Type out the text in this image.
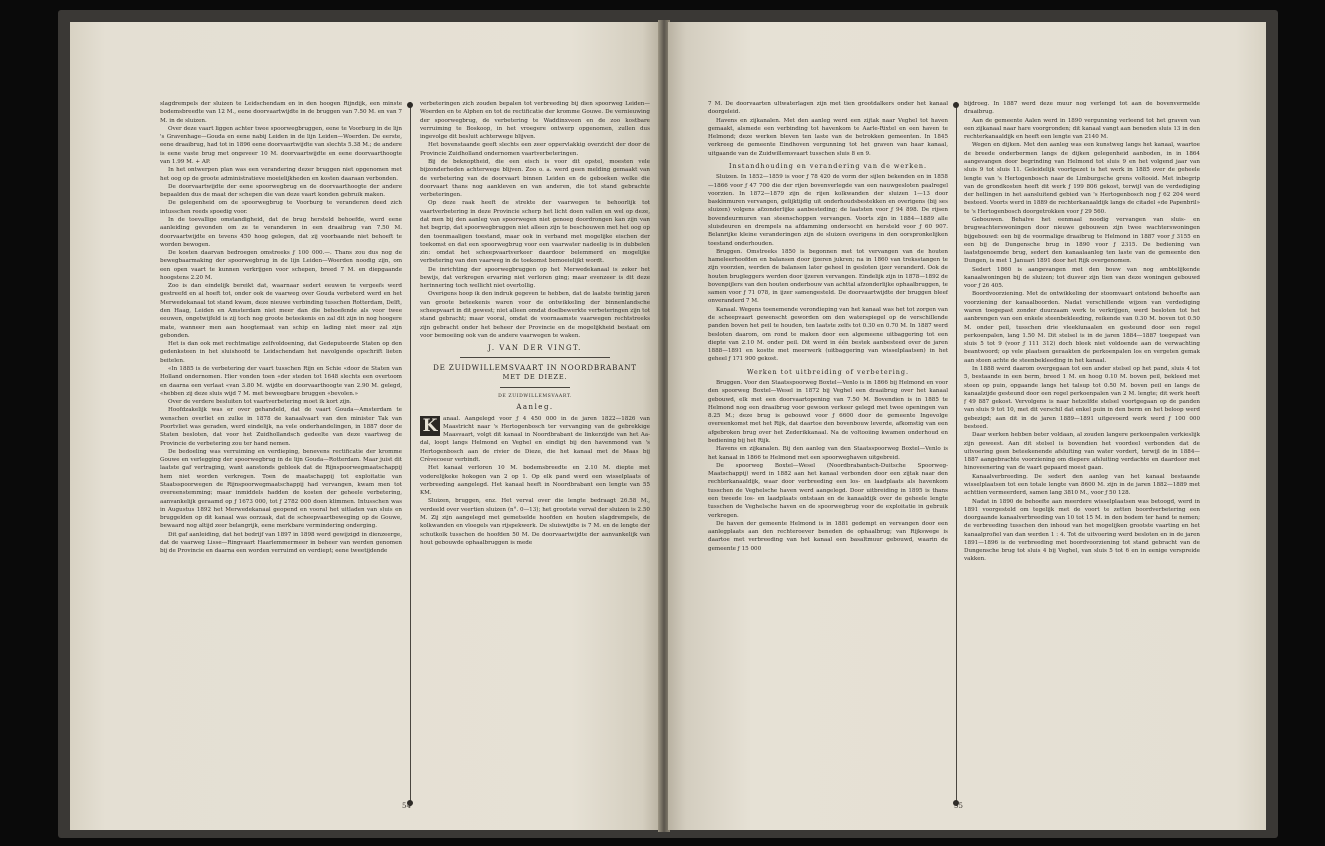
slagdrempels der sluizen te Leidschendam en in den hoogen Rijndijk, een minste bodemsbreedte van 12 M., eene doorvaartwijdte in de bruggen van 7.50 M. en van 7 M. in de sluizen.

Over deze vaart liggen achter twee spoorwegbruggen, eene te Voorburg in de lijn 's Gravenhage—Gouda en eene nabij Leiden in de lijn Leiden—Woerden. De eerste, eene draaibrug, had tot in 1896 eene doorvaartwijdte van slechts 5.38 M.; de andere is eene vaste brug met ongeveer 10 M. doorvaartwijdte en eene doorvaarthoogte van 1.99 M. + AP.

In het ontwerpen plan was een verandering dezer bruggen niet opgenomen met het oog op de groote administratieve moeielijkheden en kosten daaraan verbonden.

De doorvaartwijdte der eene spoorwegbrug en de doorvaarthoogte der andere bepaalden dus de maat der schepen die van deze vaart konden gebruik maken.

De gelegenheid om de spoorwegbrug te Voorburg te veranderen deed zich intusschen reeds spoedig voor.

In de toevallige omstandigheid, dat de brug hersteld behoefde, werd eene aanleiding gevonden om ze te veranderen in een draaibrug van 7.50 M. doorvaartwijdte en tevens 450 hoog gelegen, dat zij voorbaande niet behoeft te worden bewogen.

De kosten daarvan bedroegen omstreeks ƒ 100 000.—. Thans zou dus nog de bewegbaarmaking der spoorwegbrug in de lijn Leiden—Woerden noodig zijn, om een open vaart te kunnen verkrijgen voor schepen, breed 7 M. en diepgaande hoogstens 2.20 M.

Zoo is dan eindelijk bereikt dat, waarnaar sedert eeuwen te vergeefs werd gestreefd en al hoeft tot, onder ook de vaarweg over Gouda verbeterd werd en het Merwedekanaal tot stand kwam, deze nieuwe verbinding tusschen Rotterdam, Delft, den Haag, Leiden en Amsterdam niet meer dan die behoefende als voor twee eeuwen, ongetwijfeld is zij toch nog groote beteekenis en zal dit zijn in nog hoogere mate, wanneer men aan hoogtemaat van schip en lading niet meer zal zijn gebonden.

Het is dan ook met rechtmatige zelfvoldoening, dat Gedeputeerde Staten op den gedenksteen in het sluishoofd te Leidschendam het navolgende opschrift lieten beitelen.

«In 1885 is de verbetering der vaart tusschen Rijn en Schie «door de Staten van Holland ondernomen. Hier vonden toen «der steden tot 1648 slechts een overtoom en daarna een verlaat «van 3.80 M. wijdte en doorvaarthoogte van 2.90 M. gelegd, «hebben zij deze sluis wijd 7 M. met beweegbare bruggen «bevolen.»

Over de verdere besluiten tot vaartverbetering moet ik kort zijn.

Hoofdzakelijk was er over gehandeld, dat de vaart Gouda—Amsterdam te wenschen overliet en zulke in 1878 de kanaalvaart van den minister Tak van Poortvliet was geraden, werd eindelijk, na vele onderhandelingen, in 1887 door de Staten besloten, dat voor het Zuidhollandsch gedeelte van deze vaartweg de Provincie de verbetering zou ter hand nemen.

De bedoeling was verruiming en verdieping, benevens rectificatie der kromme Gouwe en verlegging der spoorwegbrug in de lijn Gouda—Rotterdam. Maar juist dit laatste gaf vertraging, want aanstonds gebleek dat de Rijnspoorwegmaatschappij hem niet worden verkregen. Toen de maatschappij tot exploitatie van Staatsspoorwegen de Rijnspoorwegmaatschappij had vervangen, kwam men tot overeenstemming; maar inmiddels hadden de kosten der geheele verbetering, aanvankelijk geraamd op ƒ 1673 000, tot ƒ 2782 000 doen klimmen. Intusschen was in Augustus 1892 het Merwedekanaal geopend en vooral het uitladen van sluis en bruggelden op dit kanaal was oorzaak, dat de scheepvaartbeweging op de Gouwe, bewaard nog altijd zeer belangrijk, eene merkbare vermindering onderging.

Dit gaf aanleiding, dat het bedrijf van 1897 in 1898 werd gewijzigd in dienzeerge, dat de vaarweg Lisse—Ringvaart Haarlemmermeer in beheer van werden genomen bij de Provincie en daarna een worden verruimd en verdiept; eene tweetijdende

verbeteringen zich zouden bepalen tot verbreeding bij dien spoorweg Leiden—Woerden en te Alphen en tot de rectificatie der kromme Gouwe. De vernieuwing der spoorwegbrug, de verbetering te Waddinxveen en de zoo kostbare verruiming te Boskoop, in het vroegere ontwerp opgenomen, zullen dus ingevolge dit besluit achterwege blijven.

Het bovenstaande geeft slechts een zeer oppervlakkig overzicht der door de Provincie Zuidholland ondernomen vaartverbeteringen.

Bij de beknoptheid, die een eisch is voor dit opstel, moesten vele bijzonderheden achterwege blijven. Zoo o. a. werd geen melding gemaakt van de verbetering van de doorvaart binnen Leiden en de geboeken welke die doorvaart thans nog aankleven en van anderen, die tot stand gebrachte verbeteringen.

Op deze raak heeft de strekte der vaarwegen te behoorlijk tot vaartverbetering in deze Provincie scherp het licht doen vallen en wel op deze, dat men bij den aanleg van spoorwegen niet genoeg doordrongen kan zijn van het begrip, dat spoorwegbruggen niet alleen zijn te beschouwen met het oog op den toenmaaligen toestand, maar ook in verband met mogelijke eischen der toekomst en dat een spoorwegbrug voor een vaarwater nadeelig is in dubbelen zin: omdat het scheepvaartverkeer daardoor belemmerd en mogelijke verbetering van den vaarweg in de toekomst bemoeielijkt wordt.

De inrichting der spoorwegbruggen op het Merwedekanaal is zeker het bewijs, dat verkregen ervaring niet verloren ging; maar evenzeer is dit deze herinnering toch wellicht niet overtollig.

Overigens hoop ik den indruk gegeven te hebben, dat de laatste twintig jaren van groote beteekenis waren voor de ontwikkeling der binnenlandsche scheepvaart in dit gewest; niet alleen omdat doelbewerkte verbeteringen zijn tot stand gebracht; maar vooral, omdat de voornaamste vaarwegen rechtstreeks zijn gebracht onder het beheer der Provincie en de mogelijkheid bestaat om voor bemoeiing ook van de andere vaarwegen te waken.

J. VAN DER VINGT.
DE ZUIDWILLEMSVAART IN NOORDBRABANT
MET DE DIEZE.
DE ZUIDWILLEMSVAART.
Aanleg.
K	anaal. Aangelegd voor ƒ 4 450 000 in de jaren 1822—1826 van Maastricht naar 's Hertogenbosch ter vervanging van de gebrekkige Maasvaart, volgt dit kanaal in Noordbrabant de linkerzijde van het Aa-dal, loopt langs Helmond en Veghel en eindigt bij den havenmond van 's Hertogenbosch aan de rivier de Dieze, die het kanaal met de Maas bij Crèvecoeur verbindt.

Het kanaal verloren 10 M. bodemsbreedte en 2.10 M. diepte met voderelijkeke hokogen van 2 op 1. Op elk pand werd een wisselplaats of verbreeding aangelegd. Het kanaal heeft in Noordbrabant een lengte van 55 KM.

Sluizen, bruggen, enz. Het verval over die lengte bedraagt 26.58 M., verdeeld over veertien sluizen (n°. 0—13); het grootste verval der sluizen is 2.50 M. Zij zijn aangelegd met gemetselde hoofden en houten slagdrempels, de kolkwanden en vloegels van rijspekwerk. De sluiswijdte is 7 M. en de lengte der schutkolk tusschen de hoofden 50 M. De doorvaartwijdte der aanvankelijk van hout gebouwde ophaalbruggen is mede

54

7 M. De doorvaarten ultwaterlagen zijn met tien grootdalkers onder het kanaal doorgeleid.

Havens en zijkanalen. Met den aanleg werd een zijtak naar Veghel tot haven gemaakt, alsmede een verbinding tot havenkom te Aarle-Rixtel en een haven te Helmond; deze werken bleven ten laste van de betrokken gemeenten. In 1845 verkreeg de gemeente Eindhoven vergunning tot het graven van haar kanaal, uitgaande van de Zuidwillemsvaart tusschen sluis 8 en 9.

Instandhouding en verandering van de werken.

Sluizen. In 1852—1859 is voor ƒ 78 420 de vorm der sijlen bekenden en in 1858—1866 voor ƒ 47 700 die der rijen bovenverlegde van een nauwgesloten paalregel voorzien. In 1872—1879 zijn de rijen kolkwanden der sluizen 1—13 door baskinmuren vervangen, gelijktijdig uit onderhoudsbestekken en overigens (bij ses sluizen) volgens afzonderlijke aanbesteding; de laatsten voor ƒ 94 898. De rijsen bovendeurmuren van steenschoppen vervangen. Voorts zijn in 1884—1889 alle sluisdeuren en drempels na afdamming ondersocht en hersteld voor ƒ 60 907. Belanrijke kleine veranderingen zijn de sluizen overigens in den oorspronkelijken toestand onderhouden.

Bruggen. Omstreeks 1850 is begonnen met tot vervangen van de houten hameleerhoofden en balansen door ijzeren jukren; na in 1860 van treksstangen te zijn voorzien, werden de balansen later geheel in gesloten ijzer veranderd. Ook de houten brugleggers werden door ijzeren vervangen. Eindelijk zijn in 1878—1892 de bovenpijlers van den houten onderbouw van achttal afzonderlijke ophaalbruggen, te samen voor ƒ 71 078, in ijzer samengesteld. De doorvaartwijdte der bruggen bleef onveranderd 7 M.

Kanaal. Wegens toenemende verondieping van het kanaal was het tot zorgen van de scheepvaart gewenscht geworden om den waterspiegel op de verschillende panden boven het peil te houden, ten laatste zelfs tot 0.30 en 0.70 M. In 1887 werd besloten daarom, om rond te maken door een algemeene uitbaggering tot een diepte van 2.10 M. onder peil. Dit werd in één bestek aanbesteed over de jaren 1888—1891 en kostte met meerwerk (uitbaggering van wisselplaatsen) in het geheel ƒ 171 900 gekost.

Werken tot uitbreiding of verbetering.

Bruggen. Voor den Staatsspoorweg Boxtel—Venlo is in 1866 bij Helmond en voor den spoorweg Boxtel—Wesel in 1872 bij Veghel een draaibrug over het kanaal gebouwd, elk met een doorvaartopening van 7.50 M. Bovendien is in 1885 te Helmond nog een draaibrug voor gewoon verkeer gelegd met twee openingen van 8.25 M.; deze brug is gebouwd voor ƒ 6600 door de gemeente Ingevolge overeenkomst met het Rijk, dat daartoe den bovenbouw leverde, afkomstig van een afgebroken brug over het Zederikkanaal. Na de voltooiing kwamen onderhoud en bediening bij het Rijk.

Havens en zijkanalen. Bij den aanleg van den Staatsspoorweg Boxtel—Venlo is het kanaal in 1866 te Helmond met een spoorweghaven uitgebreid.

De spoorweg Boxtel—Wesel (Noordbrabantsch-Duitsche Spoorweg-Maatschappij) werd in 1882 aan het kanaal verbonden door een zijtak naar den rechterkanaaldijk, waar door verbreeding een los- en laadplaats als havenkom tusschen de Veghelsche haven werd aangelegd. Door uitbreiding in 1895 is thans een tweede los- en laadplaats ontstaan en de kanaaldijk over de geheele lengte tusschen de Veghelsche haven en de spoorwegbrug voor de exploitatie in gebruik verkregen.

De haven der gemeente Helmond is in 1881 gedempt en vervangen door een aanlegplaats aan den rechteroever beneden de ophaalbrug; van Rijkswege is daartoe met verbreeding van het kanaal een basaltmuur gebouwd, waarin de gemeente ƒ 15 000

bijdroeg. In 1887 werd deze muur nog verlengd tot aan de bovenvermelde draaibrug.

Aan de gemeente Aalen werd in 1890 vergunning verleend tot het graven van een zijkanaal naar hare voorgronden; dit kanaal vangt aan beneden sluis 13 in den rechterkanaaldijk en heeft een lengte van 2140 M.

Wegen en dijken. Met den aanleg was een kunstweg langs het kanaal, waartoe de breede onderbermen langs de dijken gelegenheid aanboden, in in 1864 aangevangen door begrinding van Helmond tot sluis 9 en het volgend jaar van sluis 9 tot sluis 11. Geleidelijk voortgezet is het werk in 1885 over de geheele lengte van 's Hertogenbosch naar de Limburgsche grens voltooid. Met inbegrip van de grondkosten heeft dit werk ƒ 199 806 gekost, terwijl van de verdediging der hellingen in het aansluitend gebied van 's Hertogenbosch nog ƒ 62 204 werd besteed. Voorts werd in 1889 de rechterkanaaldijk langs de citadel «de Papenbril» te 's Hertogenbosch doorgetrokken voor ƒ 29 560.

Gebouwen. Behalve het eenmaal noodig vervangen van sluis- en brugwachterswoningen door nieuwe gebouwen zijn twee wachterswoningen bijgebouwd: een bij de voormalige draaibrug te Helmond in 1887 voor ƒ 3155 en een bij de Dungensche brug in 1890 voor ƒ 2315. De bediening van laatstgenoemde brug, sedert den kanaalaanleg ten laste van de gemeente den Dungen, is met 1 Januari 1891 door het Rijk overgenomen.

Sedert 1860 is aangevangen met den bouw van nog ambtelijkende kanaalwoningen bij de sluizen; tot dusver zijn tien van deze woningen gebouwd voor ƒ 26 405.

Boordvoorziening. Met de ontwikkeling der stoomvaart ontstond behoefte aan voorziening der kanaalboorden. Nadat verschillende wijzen van verdediging waren toegepast zonder duurzaam werk te verkrijgen, werd besloten tot het aanbrengen van een enkele steenbekleeding, reikende van 0.30 M. boven tot 0.50 M. onder peil, tusschen drie vleeklunaalen en gesteund door een regel perkoenpalen, lang 1.50 M. Dit stelsel is in de jaren 1884—1887 toegepast van sluis 5 tot 9 (voor ƒ 111 312) doch bleek niet voldoende aan de verwachting beantwoord; op vele plaatsen geraakten de perkoenpalen los en vergeten gemak aan steen achte de steenbekleeding in het kanaal.

In 1888 werd daarom overgegaan tot een ander stelsel op het pand, sluis 4 tot 5, bestaande in een berm, breed 1 M. en hoog 0.10 M. boven peil, bekleed met steen op puin, opgaande langs het talsup tot 0.50 M. boven peil en langs de kanaalzijde gesteund door een regel perkoenpalen van 2 M. lengte; dit werk heeft ƒ 49 887 gekost. Vervolgens is naar hetzelfde stelsel voortgegaan op de panden van sluis 9 tot 10, met dit verschil dat enkel puin in den berm en het beloop werd gebezigd; aan dit in de jaren 1889—1891 uitgevoerd werk werd ƒ 100 000 besteed.

Daar werken hebben beter voldaan, al zouden langere perkoenpalen verkieslijk zijn geweest. Aan dit stelsel is bovendien het voordeel verbonden dat de uitvoering geen beteekenende afsluiting van water vordert, terwijl de in 1884—1887 aangebrachte voorziening om diepere afsluiting verdachte en daardoor met hinoveenering van de vaart gepaard moest gaan.

Kanaalverbreeding. De sedert den aanleg van het kanaal bestaande wisselplaatsen tot een totale lengte van 8600 M. zijn in de jaren 1882—1889 met achttien vermeerderd, samen lang 3810 M., voor ƒ 50 128.

Nadat in 1890 de behoefte aan meerdere wisselplaatsen was betoogd, werd in 1891 voorgesteld om tegelijk met de voort te zetten boordverbetering een doorgaande kanaalverbreeding van 10 tot 15 M. in den bodem ter hand te nemen; de verbreeding tusschen den inhoud van het mogelijken grootste vaarting en het kanaalprofiel van dan werden 1 : 4. Tot de uitvoering werd besloten en in de jaren 1891—1896 is de verbreeding met boordvoorziening tot stand gebracht van de Dungensche brug tot sluis 4 bij Veghel, van sluis 5 tot 6 en in eenige verspreide vakken.

55
